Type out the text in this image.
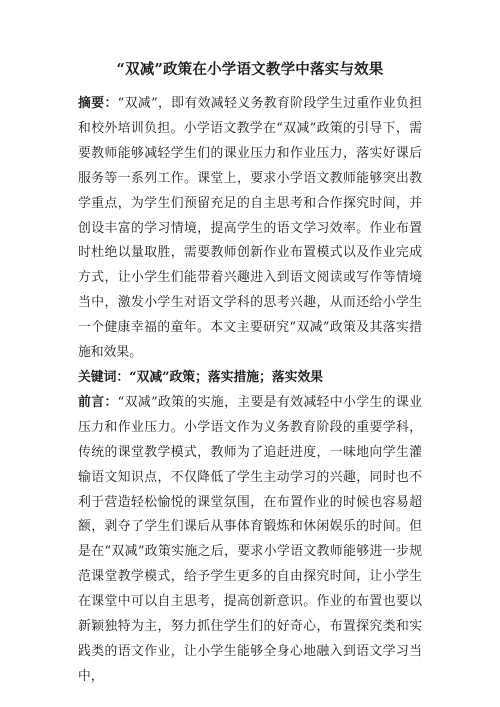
“双减”政策在小学语文教学中落实与效果

摘要：“双减”，即有效减轻义务教育阶段学生过重作业负担和校外培训负担。小学语文教学在“双减”政策的引导下，需要教师能够减轻学生们的课业压力和作业压力，落实好课后服务等一系列工作。课堂上，要求小学语文教师能够突出教学重点，为学生们预留充足的自主思考和合作探究时间，并创设丰富的学习情境，提高学生的语文学习效率。作业布置时杜绝以量取胜，需要教师创新作业布置模式以及作业完成方式，让小学生们能带着兴趣进入到语文阅读或写作等情境当中，激发小学生对语文学科的思考兴趣，从而还给小学生一个健康幸福的童年。本文主要研究“双减”政策及其落实措施和效果。

关键词：“双减”政策；落实措施；落实效果

前言：“双减”政策的实施，主要是有效减轻中小学生的课业压力和作业压力。小学语文作为义务教育阶段的重要学科，传统的课堂教学模式，教师为了追赶进度，一味地向学生灌输语文知识点，不仅降低了学生主动学习的兴趣，同时也不利于营造轻松愉悦的课堂氛围，在布置作业的时候也容易超额，剥夺了学生们课后从事体育锻炼和休闲娱乐的时间。但是在“双减”政策实施之后，要求小学语文教师能够进一步规范课堂教学模式，给予学生更多的自由探究时间，让小学生在课堂中可以自主思考，提高创新意识。作业的布置也要以新颖独特为主，努力抓住学生们的好奇心，布置探究类和实践类的语文作业，让小学生能够全身心地融入到语文学习当中，
